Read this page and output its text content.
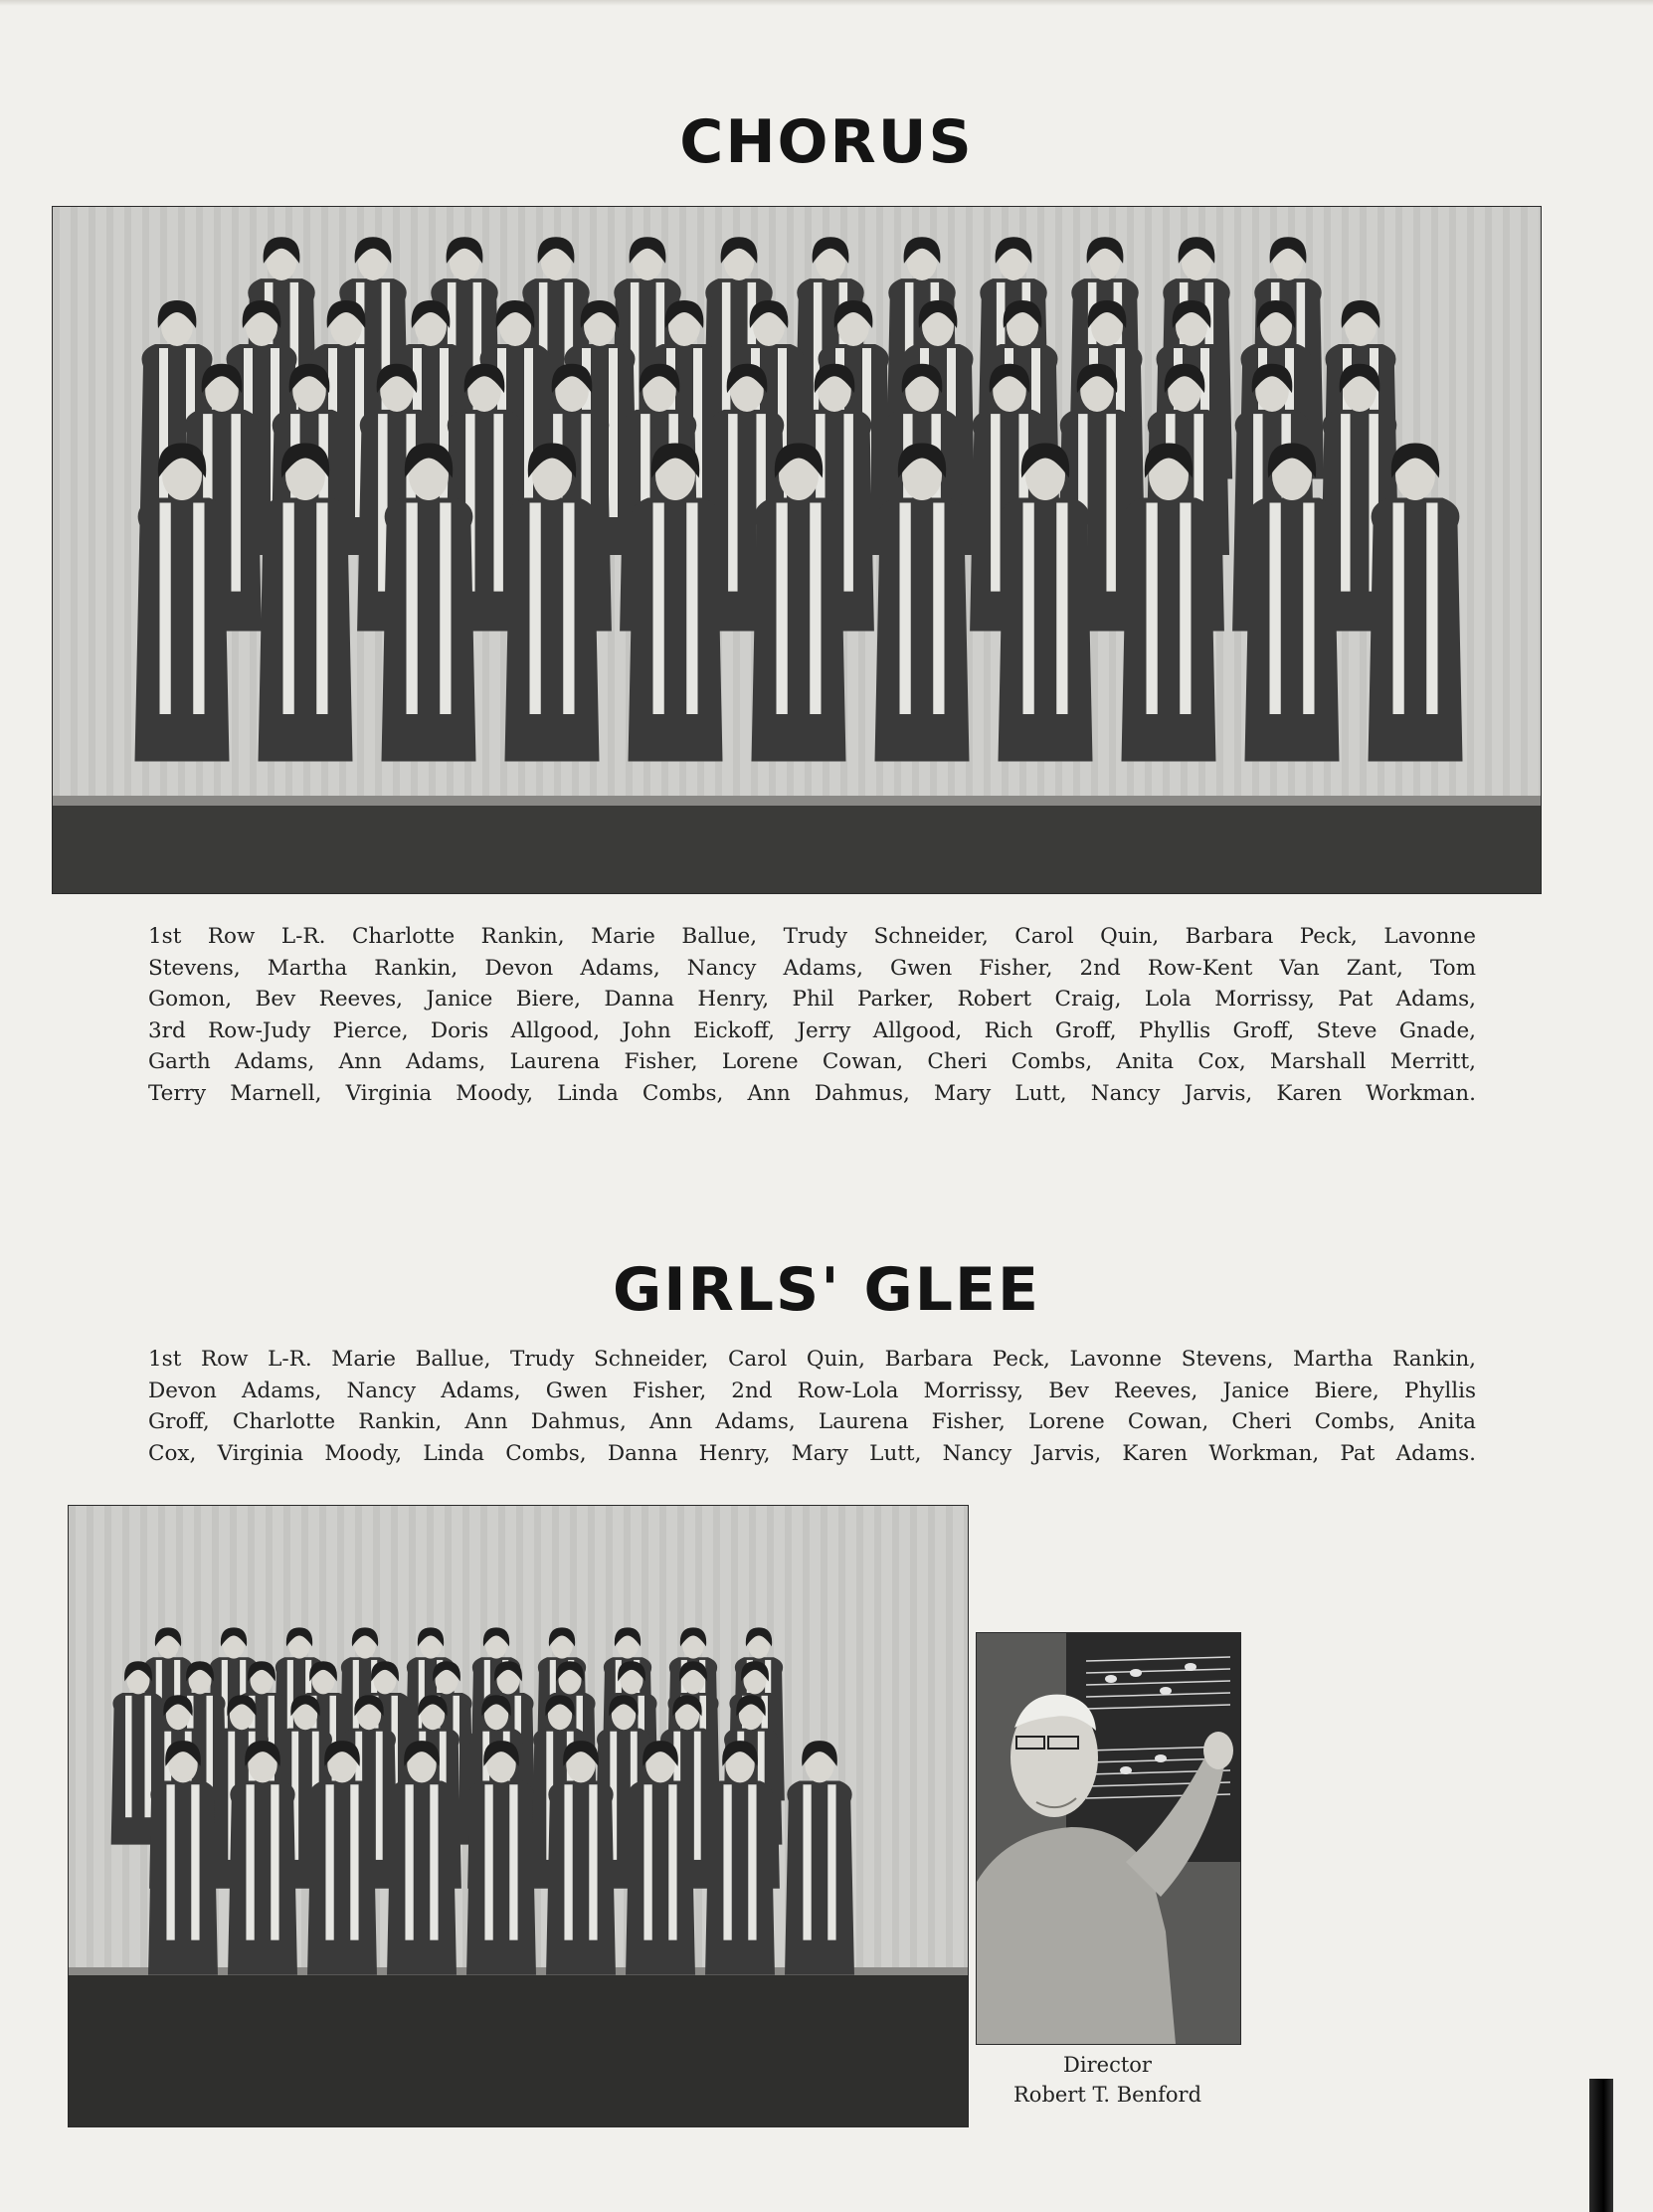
CHORUS

1st Row L-R. Charlotte Rankin, Marie Ballue, Trudy Schneider, Carol Quin, Barbara Peck, Lavonne
Stevens, Martha Rankin, Devon Adams, Nancy Adams, Gwen Fisher, 2nd Row-Kent Van Zant, Tom
Gomon, Bev Reeves, Janice Biere, Danna Henry, Phil Parker, Robert Craig, Lola Morrissy, Pat Adams,
3rd Row-Judy Pierce, Doris Allgood, John Eickoff, Jerry Allgood, Rich Groff, Phyllis Groff, Steve Gnade,
Garth Adams, Ann Adams, Laurena Fisher, Lorene Cowan, Cheri Combs, Anita Cox, Marshall Merritt,
Terry Marnell, Virginia Moody, Linda Combs, Ann Dahmus, Mary Lutt, Nancy Jarvis, Karen Workman.

GIRLS' GLEE

1st Row L-R. Marie Ballue, Trudy Schneider, Carol Quin, Barbara Peck, Lavonne Stevens, Martha Rankin,
Devon Adams, Nancy Adams, Gwen Fisher, 2nd Row-Lola Morrissy, Bev Reeves, Janice Biere, Phyllis
Groff, Charlotte Rankin, Ann Dahmus, Ann Adams, Laurena Fisher, Lorene Cowan, Cheri Combs, Anita
Cox, Virginia Moody, Linda Combs, Danna Henry, Mary Lutt, Nancy Jarvis, Karen Workman, Pat Adams.

Director
Robert T. Benford
